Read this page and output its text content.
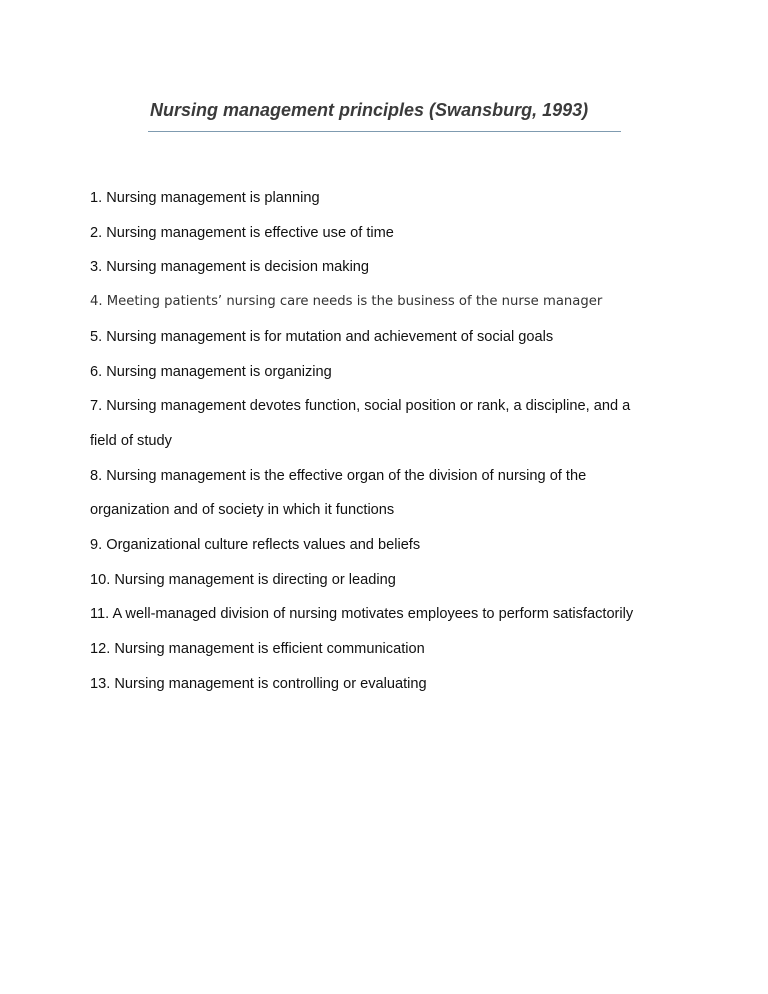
Nursing management principles (Swansburg, 1993)
1. Nursing management is planning
2. Nursing management is effective use of time
3. Nursing management is decision making
4. Meeting patients’ nursing care needs is the business of the nurse manager
5. Nursing management is for mutation and achievement of social goals
6. Nursing management is organizing
7. Nursing management devotes function, social position or rank, a discipline, and a
field of study
8. Nursing management is the effective organ of the division of nursing of the
organization and of society in which it functions
9. Organizational culture reflects values and beliefs
10. Nursing management is directing or leading
11. A well-managed division of nursing motivates employees to perform satisfactorily
12. Nursing management is efficient communication
13. Nursing management is controlling or evaluating
